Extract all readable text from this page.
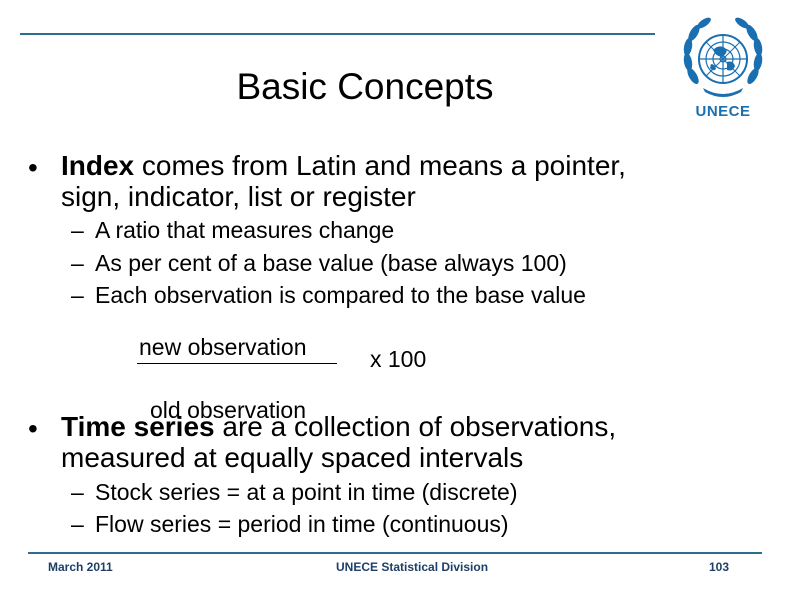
UNECE
Basic Concepts
• Index comes from Latin and means a pointer,
sign, indicator, list or register
– A ratio that measures change
– As per cent of a base value (base always 100)
– Each observation is compared to the base value
new observation	x 100
old observation
• Time series are a collection of observations,
measured at equally spaced intervals
– Stock series = at a point in time (discrete)
– Flow series = period in time (continuous)
March 2011	UNECE Statistical Division	103
